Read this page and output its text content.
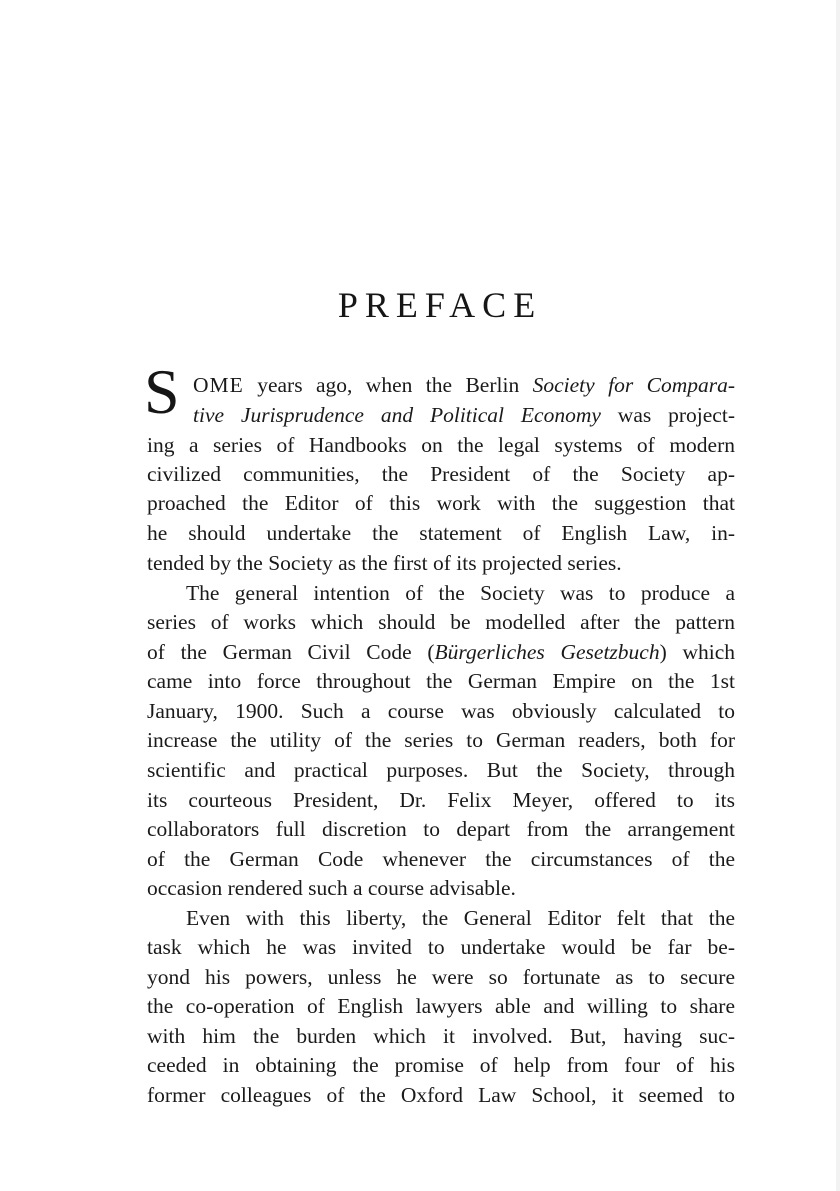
PREFACE
S OME years ago, when the Berlin Society for Compara-

tive Jurisprudence and Political Economy was project-

ing a series of Handbooks on the legal systems of modern

civilized communities, the President of the Society ap-

proached the Editor of this work with the suggestion that

he should undertake the statement of English Law, in-

tended by the Society as the first of its projected series.

The general intention of the Society was to produce a

series of works which should be modelled after the pattern

of the German Civil Code (Bürgerliches Gesetzbuch) which

came into force throughout the German Empire on the 1st

January, 1900. Such a course was obviously calculated to

increase the utility of the series to German readers, both for

scientific and practical purposes. But the Society, through

its courteous President, Dr. Felix Meyer, offered to its

collaborators full discretion to depart from the arrangement

of the German Code whenever the circumstances of the

occasion rendered such a course advisable.

Even with this liberty, the General Editor felt that the

task which he was invited to undertake would be far be-

yond his powers, unless he were so fortunate as to secure

the co-operation of English lawyers able and willing to share

with him the burden which it involved. But, having suc-

ceeded in obtaining the promise of help from four of his

former colleagues of the Oxford Law School, it seemed to
